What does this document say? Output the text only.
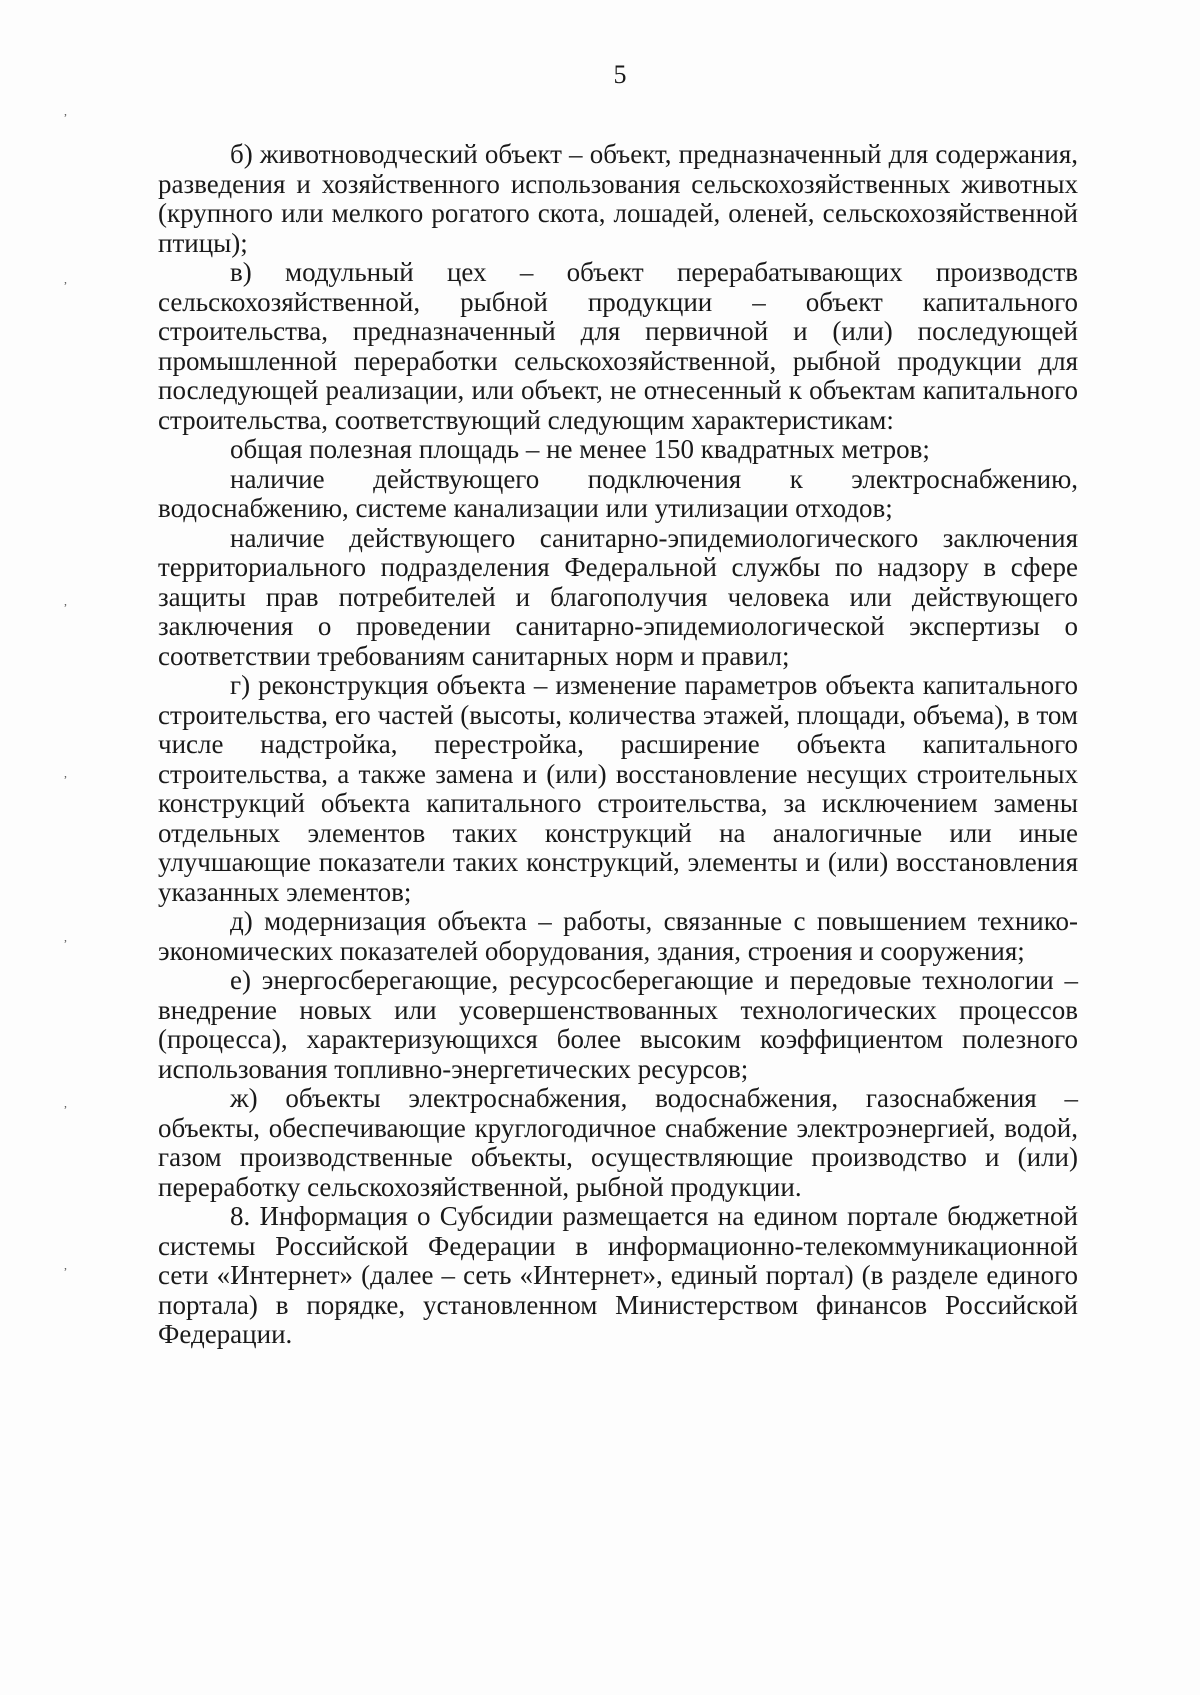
5

б) животноводческий объект – объект, предназначенный для содержания, разведения и хозяйственного использования сельскохозяйственных животных (крупного или мелкого рогатого скота, лошадей, оленей, сельскохозяйственной птицы);

в) модульный цех – объект перерабатывающих производств сельскохозяйственной, рыбной продукции – объект капитального строительства, предназначенный для первичной и (или) последующей промышленной переработки сельскохозяйственной, рыбной продукции для последующей реализации, или объект, не отнесенный к объектам капитального строительства, соответствующий следующим характеристикам:

общая полезная площадь – не менее 150 квадратных метров;

наличие действующего подключения к электроснабжению, водоснабжению, системе канализации или утилизации отходов;

наличие действующего санитарно-эпидемиологического заключения территориального подразделения Федеральной службы по надзору в сфере защиты прав потребителей и благополучия человека или действующего заключения о проведении санитарно-эпидемиологической экспертизы о соответствии требованиям санитарных норм и правил;

г) реконструкция объекта – изменение параметров объекта капитального строительства, его частей (высоты, количества этажей, площади, объема), в том числе надстройка, перестройка, расширение объекта капитального строительства, а также замена и (или) восстановление несущих строительных конструкций объекта капитального строительства, за исключением замены отдельных элементов таких конструкций на аналогичные или иные улучшающие показатели таких конструкций, элементы и (или) восстановления указанных элементов;

д) модернизация объекта – работы, связанные с повышением технико-экономических показателей оборудования, здания, строения и сооружения;

е) энергосберегающие, ресурсосберегающие и передовые технологии – внедрение новых или усовершенствованных технологических процессов (процесса), характеризующихся более высоким коэффициентом полезного использования топливно-энергетических ресурсов;

ж) объекты электроснабжения, водоснабжения, газоснабжения – объекты, обеспечивающие круглогодичное снабжение электроэнергией, водой, газом производственные объекты, осуществляющие производство и (или) переработку сельскохозяйственной, рыбной продукции.

8. Информация о Субсидии размещается на едином портале бюджетной системы Российской Федерации в информационно-телекоммуникационной сети «Интернет» (далее – сеть «Интернет», единый портал) (в разделе единого портала) в порядке, установленном Министерством финансов Российской Федерации.

,
,
,
,
,
,
,
